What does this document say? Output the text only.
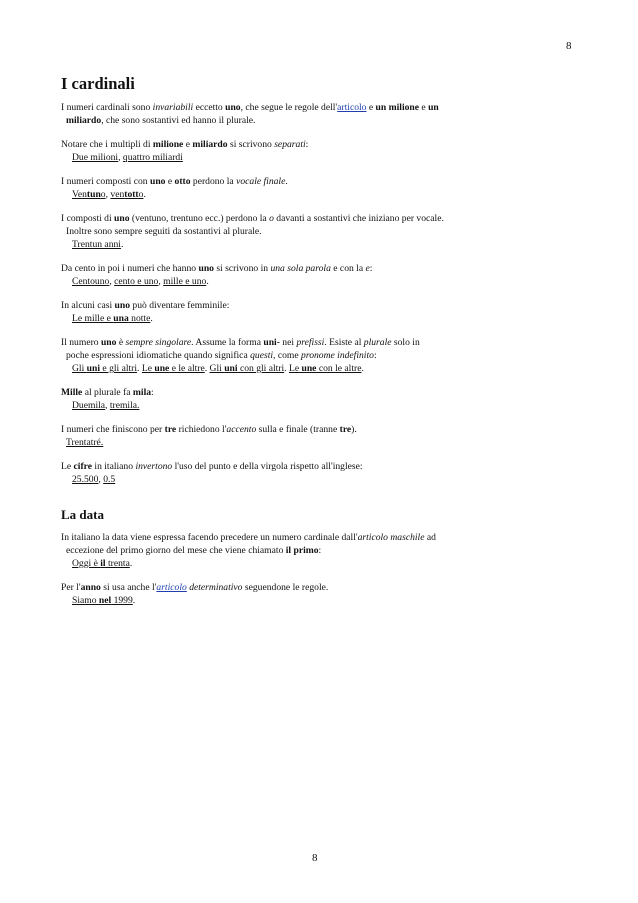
8
I cardinali

I numeri cardinali sono invariabili eccetto uno, che segue le regole dell'articolo e un milione e un
miliardo, che sono sostantivi ed hanno il plurale.

Notare che i multipli di milione e miliardo si scrivono separati:
Due milioni, quattro miliardi

I numeri composti con uno e otto perdono la vocale finale.
Ventuno, ventotto.

I composti di uno (ventuno, trentuno ecc.) perdono la o davanti a sostantivi che iniziano per vocale.
Inoltre sono sempre seguiti da sostantivi al plurale.
Trentun anni.

Da cento in poi i numeri che hanno uno si scrivono in una sola parola e con la e:
Centouno, cento e uno, mille e uno.

In alcuni casi uno può diventare femminile:
Le mille e una notte.

Il numero uno è sempre singolare. Assume la forma uni- nei prefissi. Esiste al plurale solo in
poche espressioni idiomatiche quando significa questi, come pronome indefinito:
Gli uni e gli altri. Le une e le altre. Gli uni con gli altri. Le une con le altre.

Mille al plurale fa mila:
Duemila, tremila.

I numeri che finiscono per tre richiedono l'accento sulla e finale (tranne tre).
Trentatré.

Le cifre in italiano invertono l'uso del punto e della virgola rispetto all'inglese:
25.500, 0.5

La data

In italiano la data viene espressa facendo precedere un numero cardinale dall'articolo maschile ad
eccezione del primo giorno del mese che viene chiamato il primo:
Oggi è il trenta.

Per l'anno si usa anche l'articolo determinativo seguendone le regole.
Siamo nel 1999.

8
